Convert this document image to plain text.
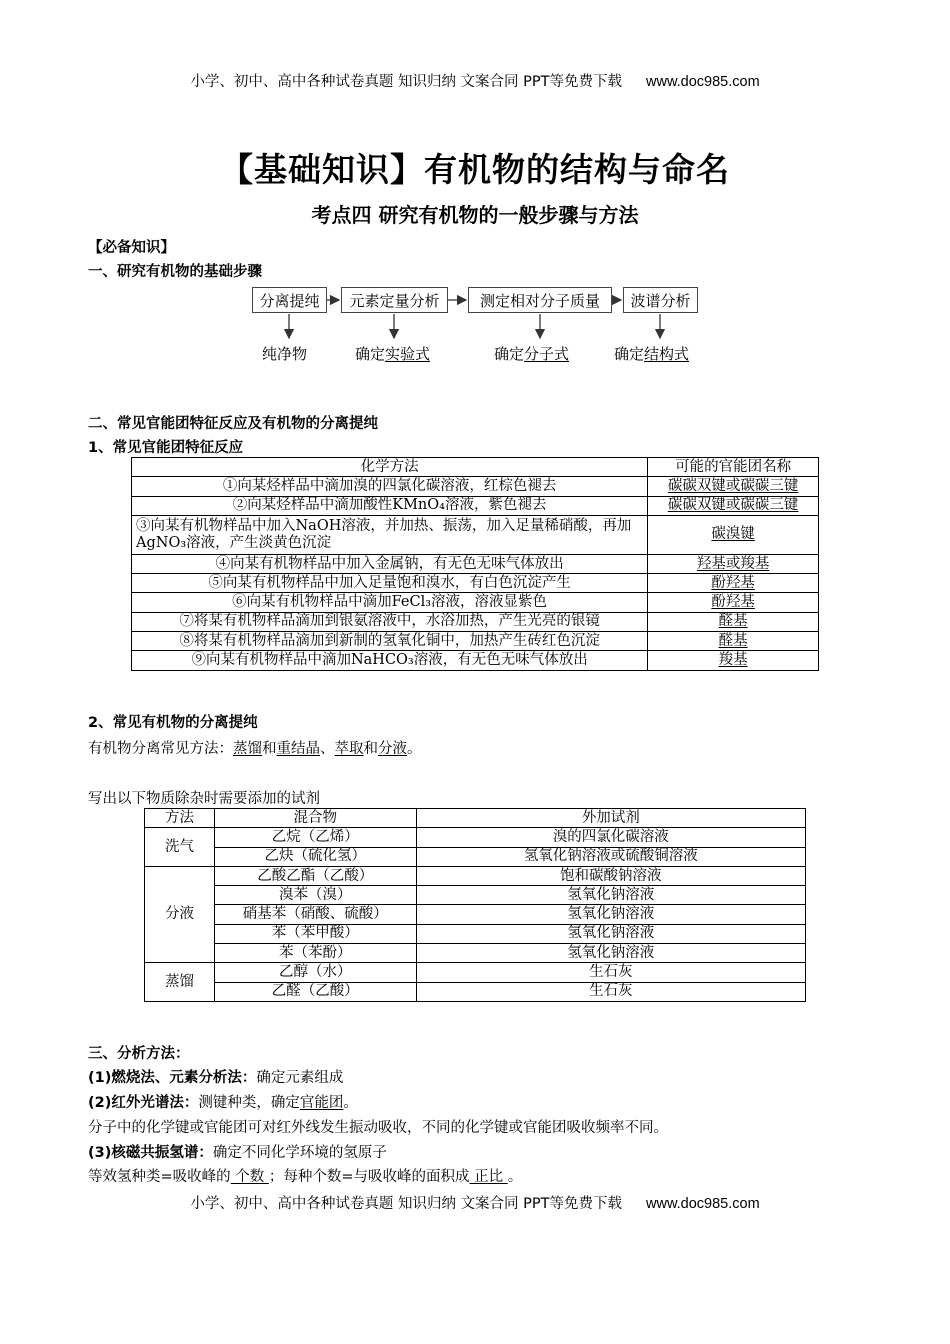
小学、初中、高中各种试卷真题 知识归纳 文案合同 PPT等免费下载 www.doc985.com
【基础知识】有机物的结构与命名
考点四 研究有机物的一般步骤与方法
【必备知识】
一、研究有机物的基础步骤
分离提纯	元素定量分析	测定相对分子质量	波谱分析
纯净物	确定实验式	确定分子式	确定结构式
二、常见官能团特征反应及有机物的分离提纯
1、常见官能团特征反应
化学方法	可能的官能团名称
①向某烃样品中滴加溴的四氯化碳溶液，红棕色褪去	碳碳双键或碳碳三键
②向某烃样品中滴加酸性KMnO₄溶液，紫色褪去	碳碳双键或碳碳三键
③向某有机物样品中加入NaOH溶液，并加热、振荡，加入足量稀硝酸，再加AgNO₃溶液，产生淡黄色沉淀	碳溴键
④向某有机物样品中加入金属钠，有无色无味气体放出	羟基或羧基
⑤向某有机物样品中加入足量饱和溴水，有白色沉淀产生	酚羟基
⑥向某有机物样品中滴加FeCl₃溶液，溶液显紫色	酚羟基
⑦将某有机物样品滴加到银氨溶液中，水浴加热，产生光亮的银镜	醛基
⑧将某有机物样品滴加到新制的氢氧化铜中，加热产生砖红色沉淀	醛基
⑨向某有机物样品中滴加NaHCO₃溶液，有无色无味气体放出	羧基
2、常见有机物的分离提纯
有机物分离常见方法：蒸馏和重结晶、萃取和分液。
写出以下物质除杂时需要添加的试剂
方法	混合物	外加试剂
洗气	乙烷（乙烯）	溴的四氯化碳溶液
	乙炔（硫化氢）	氢氧化钠溶液或硫酸铜溶液
分液	乙酸乙酯（乙酸）	饱和碳酸钠溶液
	溴苯（溴）	氢氧化钠溶液
	硝基苯（硝酸、硫酸）	氢氧化钠溶液
	苯（苯甲酸）	氢氧化钠溶液
	苯（苯酚）	氢氧化钠溶液
蒸馏	乙醇（水）	生石灰
	乙醛（乙酸）	生石灰
三、分析方法：
(1)燃烧法、元素分析法：确定元素组成
(2)红外光谱法：测键种类，确定官能团。
分子中的化学键或官能团可对红外线发生振动吸收，不同的化学键或官能团吸收频率不同。
(3)核磁共振氢谱：确定不同化学环境的氢原子
等效氢种类=吸收峰的 个数 ；每种个数=与吸收峰的面积成 正比 。
小学、初中、高中各种试卷真题 知识归纳 文案合同 PPT等免费下载 www.doc985.com
